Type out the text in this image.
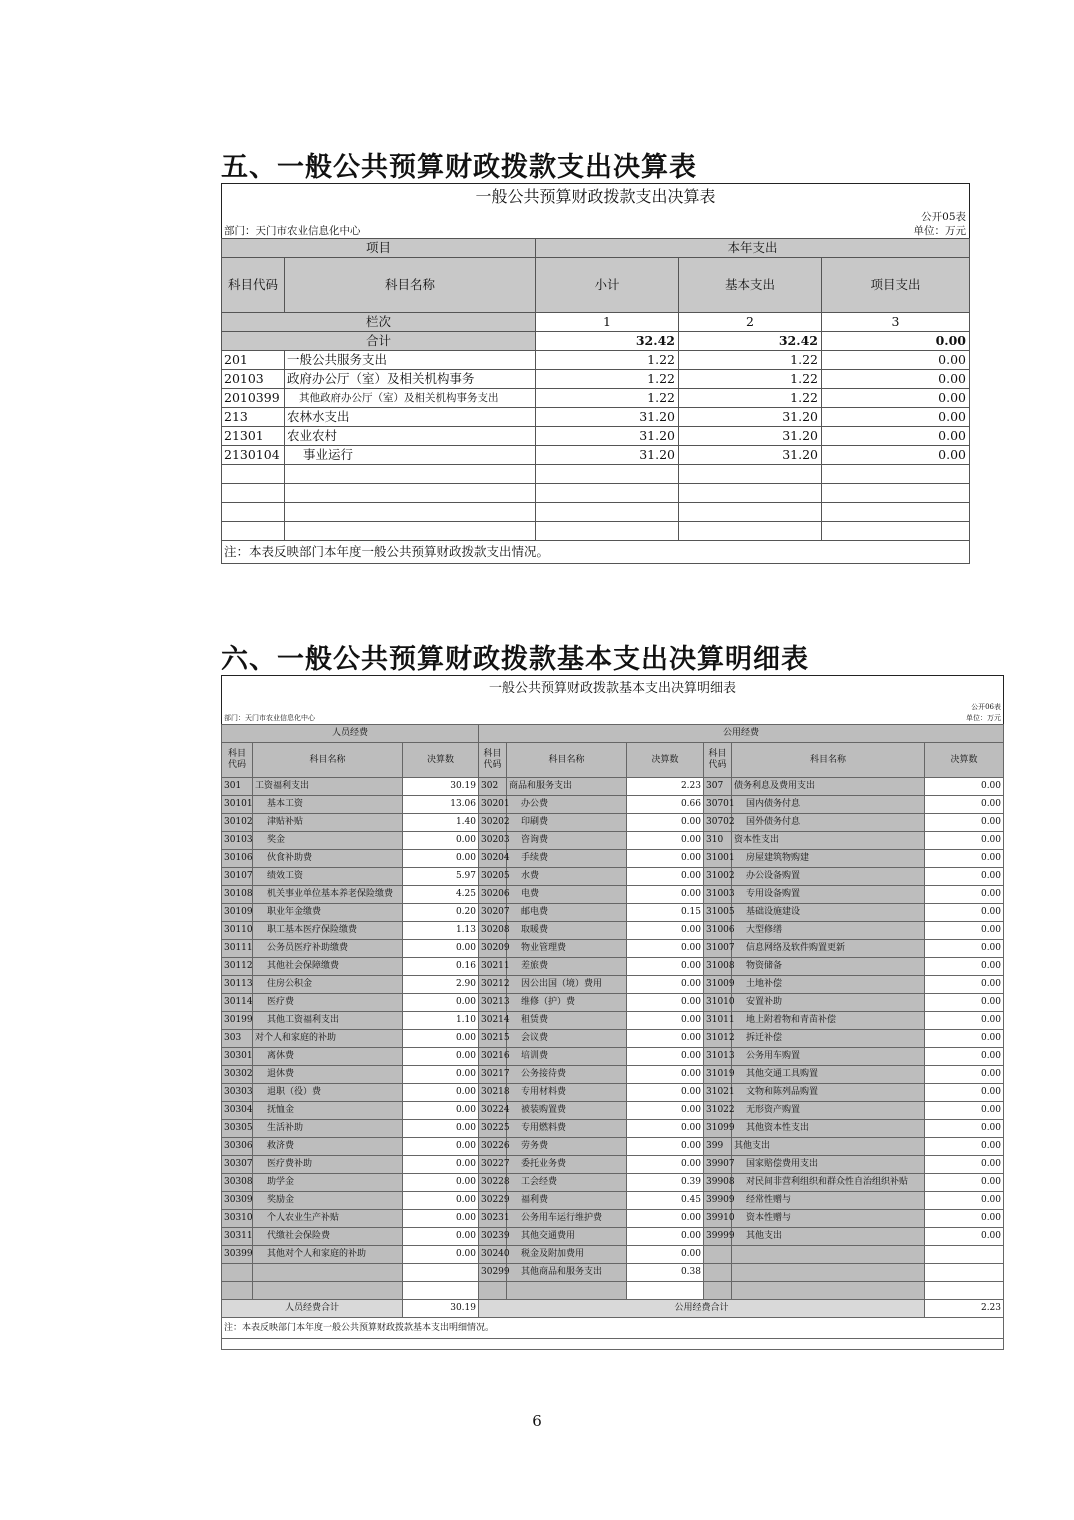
五、一般公共预算财政拨款支出决算表
一般公共预算财政拨款支出决算表				
公开05表				
部门：天门市农业信息化中心			单位：万元	
项目		本年支出		
科目代码	科目名称	小计	基本支出	项目支出
栏次		1	2	3
合计		32.42	32.42	0.00
201	一般公共服务支出	1.22	1.22	0.00
20103	政府办公厅（室）及相关机构事务	1.22	1.22	0.00
2010399	其他政府办公厅（室）及相关机构事务支出	1.22	1.22	0.00
213	农林水支出	31.20	31.20	0.00
21301	农业农村	31.20	31.20	0.00
2130104	事业运行	31.20	31.20	0.00

注：本表反映部门本年度一般公共预算财政拨款支出情况。				
六、一般公共预算财政拨款基本支出决算明细表
一般公共预算财政拨款基本支出决算明细表								
公开06表								
部门：天门市农业信息化中心						单位：万元		
人员经费			公用经费					
科目代码	科目名称	决算数	科目代码	科目名称	决算数	科目代码	科目名称	决算数
301	工资福利支出	30.19	302	商品和服务支出	2.23	307	债务利息及费用支出	0.00
30101	基本工资	13.06	30201	办公费	0.66	30701	国内债务付息	0.00
30102	津贴补贴	1.40	30202	印刷费	0.00	30702	国外债务付息	0.00
30103	奖金	0.00	30203	咨询费	0.00	310	资本性支出	0.00
30106	伙食补助费	0.00	30204	手续费	0.00	31001	房屋建筑物购建	0.00
30107	绩效工资	5.97	30205	水费	0.00	31002	办公设备购置	0.00
30108	机关事业单位基本养老保险缴费	4.25	30206	电费	0.00	31003	专用设备购置	0.00
30109	职业年金缴费	0.20	30207	邮电费	0.15	31005	基础设施建设	0.00
30110	职工基本医疗保险缴费	1.13	30208	取暖费	0.00	31006	大型修缮	0.00
30111	公务员医疗补助缴费	0.00	30209	物业管理费	0.00	31007	信息网络及软件购置更新	0.00
30112	其他社会保障缴费	0.16	30211	差旅费	0.00	31008	物资储备	0.00
30113	住房公积金	2.90	30212	因公出国（境）费用	0.00	31009	土地补偿	0.00
30114	医疗费	0.00	30213	维修（护）费	0.00	31010	安置补助	0.00
30199	其他工资福利支出	1.10	30214	租赁费	0.00	31011	地上附着物和青苗补偿	0.00
303	对个人和家庭的补助	0.00	30215	会议费	0.00	31012	拆迁补偿	0.00
30301	离休费	0.00	30216	培训费	0.00	31013	公务用车购置	0.00
30302	退休费	0.00	30217	公务接待费	0.00	31019	其他交通工具购置	0.00
30303	退职（役）费	0.00	30218	专用材料费	0.00	31021	文物和陈列品购置	0.00
30304	抚恤金	0.00	30224	被装购置费	0.00	31022	无形资产购置	0.00
30305	生活补助	0.00	30225	专用燃料费	0.00	31099	其他资本性支出	0.00
30306	救济费	0.00	30226	劳务费	0.00	399	其他支出	0.00
30307	医疗费补助	0.00	30227	委托业务费	0.00	39907	国家赔偿费用支出	0.00
30308	助学金	0.00	30228	工会经费	0.39	39908	对民间非营利组织和群众性自治组织补贴	0.00
30309	奖励金	0.00	30229	福利费	0.45	39909	经常性赠与	0.00
30310	个人农业生产补贴	0.00	30231	公务用车运行维护费	0.00	39910	资本性赠与	0.00
30311	代缴社会保险费	0.00	30239	其他交通费用	0.00	39999	其他支出	0.00
30399	其他对个人和家庭的补助	0.00	30240	税金及附加费用	0.00			
			30299	其他商品和服务支出	0.38			

人员经费合计		30.19	公用经费合计					2.23
注：本表反映部门本年度一般公共预算财政拨款基本支出明细情况。								

6
